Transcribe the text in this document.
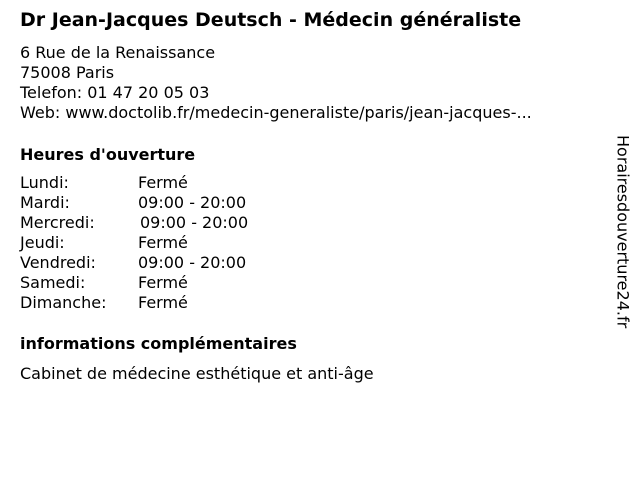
Dr Jean-Jacques Deutsch - Médecin généraliste
6 Rue de la Renaissance
75008 Paris
Telefon: 01 47 20 05 03
Web: www.doctolib.fr/medecin-generaliste/paris/jean-jacques-...
Heures d'ouverture
Lundi:	Fermé
Mardi:	09:00 - 20:00
Mercredi:	09:00 - 20:00
Jeudi:	Fermé
Vendredi:	09:00 - 20:00
Samedi:	Fermé
Dimanche: Fermé
informations complémentaires
Cabinet de médecine esthétique et anti-âge
Horairesdouverture24.fr
